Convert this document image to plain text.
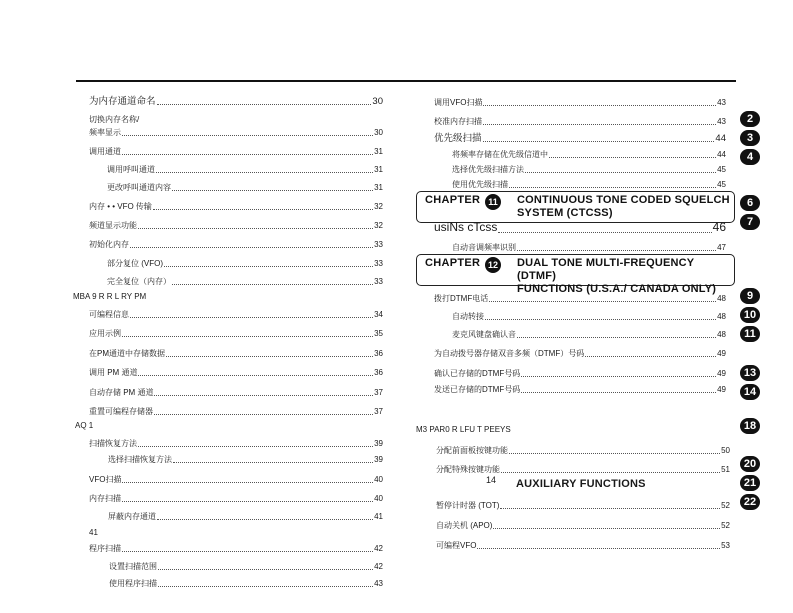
为内存通道命名	30
切换内存名称/
频率显示	30
调用通道	31
调用呼叫通道	31
更改呼叫通道内容	31
内存 • • VFO 传输	32
频道显示功能	32
初始化内存	33
部分复位 (VFO)	33
完全复位（内存）	33
MBA 9 R R L RY PM
可编程信息	34
应用示例	35
在PM通道中存储数据	36
调用 PM 通道	36
自动存储 PM 通道	37
重置可编程存储器	37
AQ 1
扫描恢复方法	39
选择扫描恢复方法	39
VFO扫描	40
内存扫描	40
屏蔽内存通道	41
41
程序扫描	42
设置扫描范围	42
使用程序扫描	43
调用VFO扫描	43
校准内存扫描	43
优先级扫描	44
将频率存储在优先级信道中	44
选择优先级扫描方法	45
使用优先级扫描	45
CHAPTER 11 CONTINUOUS TONE CODED SQUELCH
SYSTEM (CTCSS)
usiNs cTcss	46
自动音调频率识别	47
CHAPTER 12 DUAL TONE MULTI-FREQUENCY (DTMF)
FUNCTIONS (U.S.A./ CANADA ONLY)
拨打DTMF电话	48
自动转接	48
麦克风键盘确认音	48
为自动拨号器存储双音多频（DTMF）号码	49
确认已存储的DTMF号码	49
发送已存储的DTMF号码	49
M3 PAR0 R LFU T PEEYS
分配前面板按键功能	50
分配特殊按键功能	51
14 AUXILIARY FUNCTIONS
暂停计时器 (TOT)	52
自动关机 (APO)	52
可编程VFO	53
2
3
4
6
7
9
10
11
13
14
18
20
21
22
